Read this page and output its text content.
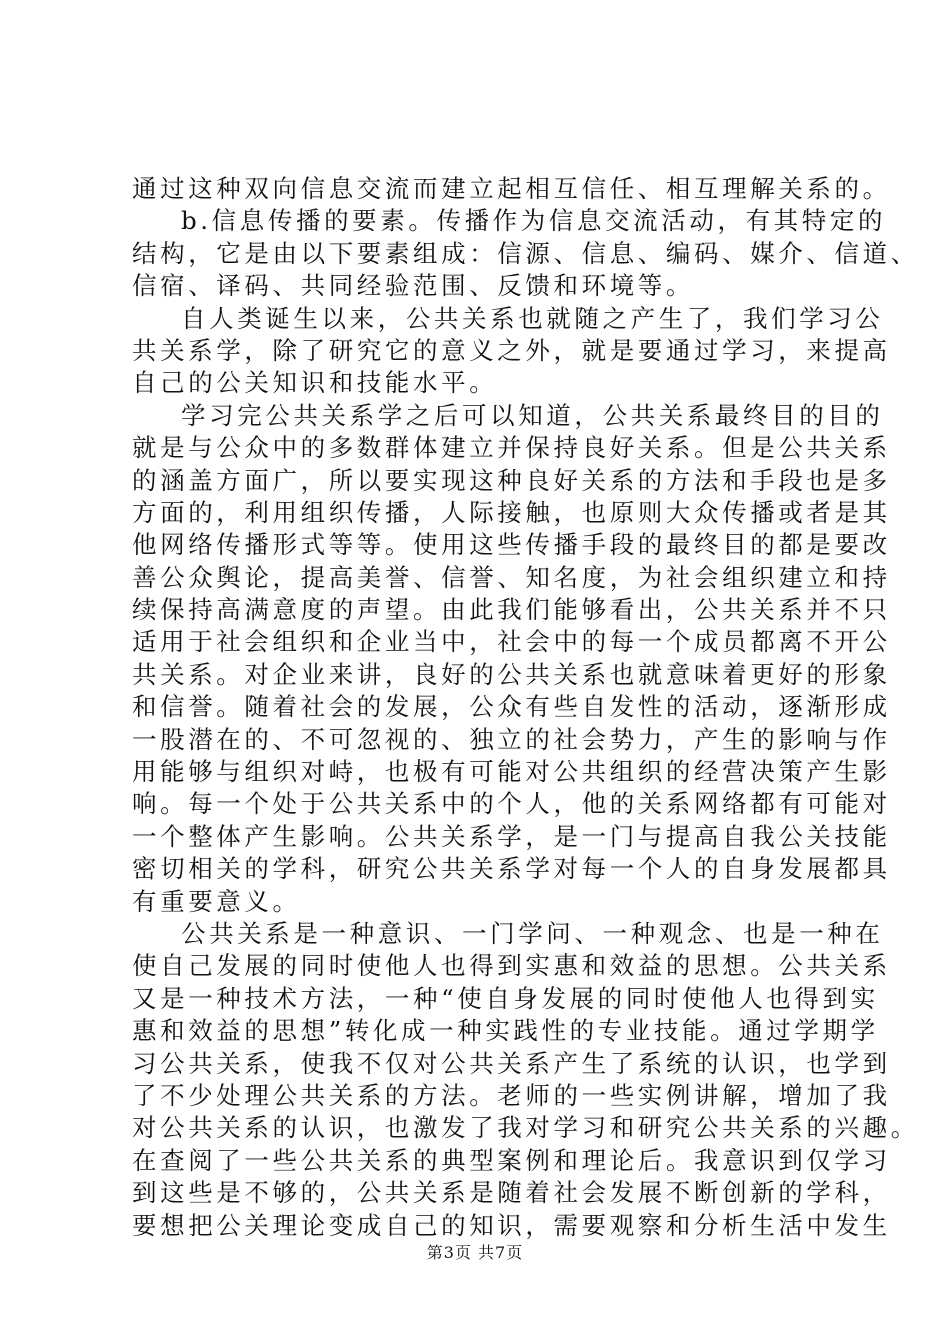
通过这种双向信息交流而建立起相互信任、相互理解关系的。
b.信息传播的要素。传播作为信息交流活动，有其特定的
结构，它是由以下要素组成：信源、信息、编码、媒介、信道、
信宿、译码、共同经验范围、反馈和环境等。
自人类诞生以来，公共关系也就随之产生了，我们学习公
共关系学，除了研究它的意义之外，就是要通过学习，来提高
自己的公关知识和技能水平。
学习完公共关系学之后可以知道，公共关系最终目的目的
就是与公众中的多数群体建立并保持良好关系。但是公共关系
的涵盖方面广，所以要实现这种良好关系的方法和手段也是多
方面的，利用组织传播，人际接触，也原则大众传播或者是其
他网络传播形式等等。使用这些传播手段的最终目的都是要改
善公众舆论，提高美誉、信誉、知名度，为社会组织建立和持
续保持高满意度的声望。由此我们能够看出，公共关系并不只
适用于社会组织和企业当中，社会中的每一个成员都离不开公
共关系。对企业来讲，良好的公共关系也就意味着更好的形象
和信誉。随着社会的发展，公众有些自发性的活动，逐渐形成
一股潜在的、不可忽视的、独立的社会势力，产生的影响与作
用能够与组织对峙，也极有可能对公共组织的经营决策产生影
响。每一个处于公共关系中的个人，他的关系网络都有可能对
一个整体产生影响。公共关系学，是一门与提高自我公关技能
密切相关的学科，研究公共关系学对每一个人的自身发展都具
有重要意义。
公共关系是一种意识、一门学问、一种观念、也是一种在
使自己发展的同时使他人也得到实惠和效益的思想。公共关系
又是一种技术方法，一种“使自身发展的同时使他人也得到实
惠和效益的思想”转化成一种实践性的专业技能。通过学期学
习公共关系，使我不仅对公共关系产生了系统的认识，也学到
了不少处理公共关系的方法。老师的一些实例讲解，增加了我
对公共关系的认识，也激发了我对学习和研究公共关系的兴趣。
在查阅了一些公共关系的典型案例和理论后。我意识到仅学习
到这些是不够的，公共关系是随着社会发展不断创新的学科，
要想把公关理论变成自己的知识，需要观察和分析生活中发生
第3页 共7页
